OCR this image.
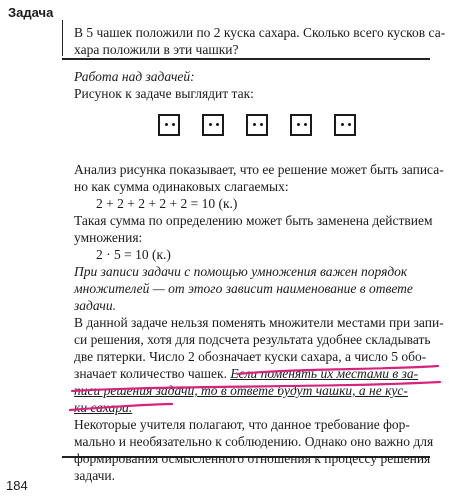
Задача
В 5 чашек положили по 2 куска сахара. Сколько всего кусков са-
хара положили в эти чашки?
Работа над задачей:
Рисунок к задаче выглядит так:
Анализ рисунка показывает, что ее решение может быть записа-
но как сумма одинаковых слагаемых:
2 + 2 + 2 + 2 + 2 = 10 (к.)
Такая сумма по определению может быть заменена действием
умножения:
2 · 5 = 10 (к.)
При записи задачи с помощью умножения важен порядок
множителей — от этого зависит наименование в ответе
задачи.
В данной задаче нельзя поменять множители местами при запи-
си решения, хотя для подсчета результата удобнее складывать
две пятерки. Число 2 обозначает куски сахара, а число 5 обо-
значает количество чашек. Если поменять их местами в за-
писи решения задачи, то в ответе будут чашки, а не кус-
ки сахара.
Некоторые учителя полагают, что данное требование фор-
мально и необязательно к соблюдению. Однако оно важно для
формирования осмысленного отношения к процессу решения
задачи.
184
